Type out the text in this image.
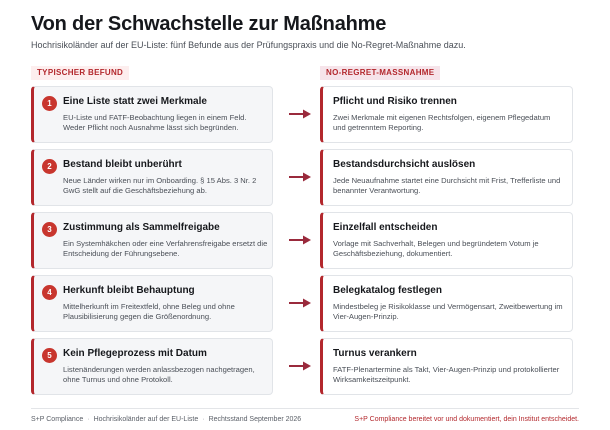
Von der Schwachstelle zur Maßnahme
Hochrisikoländer auf der EU-Liste: fünf Befunde aus der Prüfungspraxis und die No-Regret-Maßnahme dazu.
TYPISCHER BEFUND	NO-REGRET-MASSNAHME
1	Eine Liste statt zwei Merkmale
EU-Liste und FATF-Beobachtung liegen in einem Feld. Weder Pflicht noch Ausnahme lässt sich begründen.
Pflicht und Risiko trennen
Zwei Merkmale mit eigenen Rechtsfolgen, eigenem Pflegedatum und getrenntem Reporting.
2	Bestand bleibt unberührt
Neue Länder wirken nur im Onboarding. § 15 Abs. 3 Nr. 2 GwG stellt auf die Geschäftsbeziehung ab.
Bestandsdurchsicht auslösen
Jede Neuaufnahme startet eine Durchsicht mit Frist, Trefferliste und benannter Verantwortung.
3	Zustimmung als Sammelfreigabe
Ein Systemhäkchen oder eine Verfahrensfreigabe ersetzt die Entscheidung der Führungsebene.
Einzelfall entscheiden
Vorlage mit Sachverhalt, Belegen und begründetem Votum je Geschäftsbeziehung, dokumentiert.
4	Herkunft bleibt Behauptung
Mittelherkunft im Freitextfeld, ohne Beleg und ohne Plausibilisierung gegen die Größenordnung.
Belegkatalog festlegen
Mindestbeleg je Risikoklasse und Vermögensart, Zweitbewertung im Vier-Augen-Prinzip.
5	Kein Pflegeprozess mit Datum
Listenänderungen werden anlassbezogen nachgetragen, ohne Turnus und ohne Protokoll.
Turnus verankern
FATF-Plenartermine als Takt, Vier-Augen-Prinzip und protokollierter Wirksamkeitszeitpunkt.
S+P Compliance · Hochrisikoländer auf der EU-Liste · Rechtsstand September 2026	S+P Compliance bereitet vor und dokumentiert, dein Institut entscheidet.
